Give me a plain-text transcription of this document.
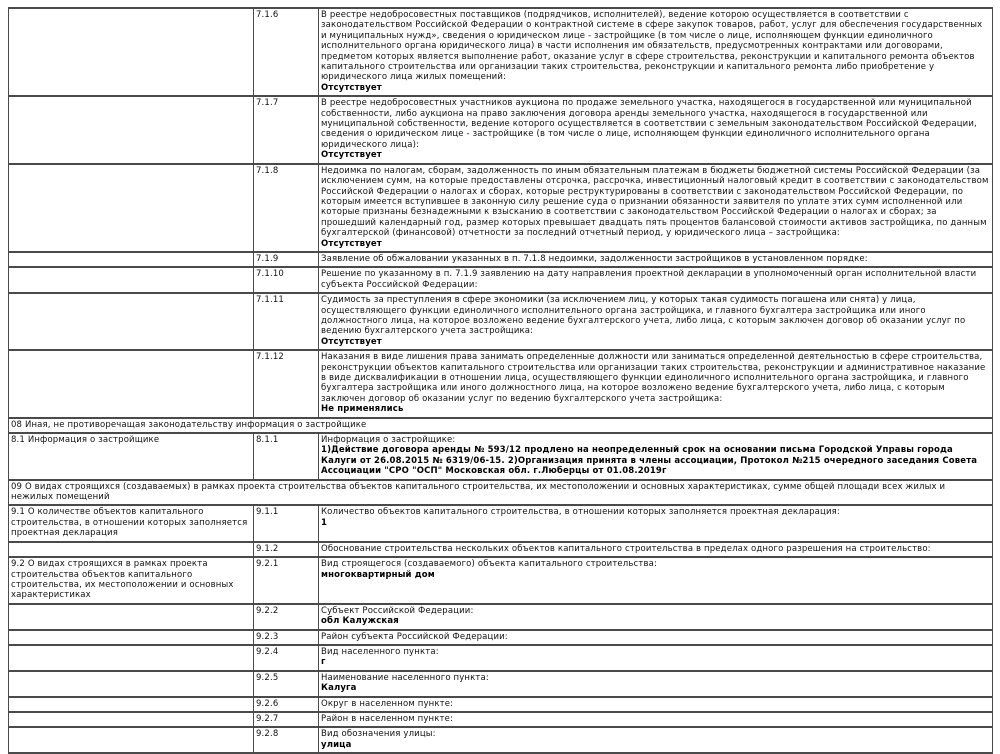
	7.1.6	В реестре недобросовестных поставщиков (подрядчиков, исполнителей), ведение которою осуществляется в соответствии с законодательством Российской Федерации о контрактной системе в сфере закупок товаров, работ, услуг для обеспечения государственных и муниципальных нужд», сведения о юридическом лице - застройщике (в том числе о лице, исполняющем функции единоличного исполнительного органа юридического лица) в части исполнения им обязательств, предусмотренных контрактами или договорами, предметом которых является выполнение работ, оказание услуг в сфере строительства, реконструкции и капитального ремонта объектов капитального строительства или организации таких строительства, реконструкции и капитального ремонта либо приобретение у юридического лица жилых помещений:
Отсутствует

	7.1.7	В реестре недобросовестных участников аукциона по продаже земельного участка, находящегося в государственной или муниципальной собственности, либо аукциона на право заключения договора аренды земельного участка, находящегося в государственной или муниципальной собственности, ведение которого осуществляется в соответствии с земельным законодательством Российской Федерации, сведения о юридическом лице - застройщике (в том числе о лице, исполняющем функции единоличного исполнительного органа юридического лица):
Отсутствует

	7.1.8	Недоимка по налогам, сборам, задолженность по иным обязательным платежам в бюджеты бюджетной системы Российской Федерации (за исключением сумм, на которые предоставлены отсрочка, рассрочка, инвестиционный налоговый кредит в соответствии с законодательством Российской Федерации о налогах и сборах, которые реструктурированы в соответствии с законодательством Российской Федерации, по которым имеется вступившее в законную силу решение суда о признании обязанности заявителя по уплате этих сумм исполненной или которые признаны безнадежными к взысканию в соответствии с законодательством Российской Федерации о налогах и сборах; за прошедший календарный год, размер которых превышает двадцать пять процентов балансовой стоимости активов застройщика, по данным бухгалтерской (финансовой) отчетности за последний отчетный период, у юридического лица – застройщика:
Отсутствует

	7.1.9	Заявление об обжаловании указанных в п. 7.1.8 недоимки, задолженности застройщиков в установленном порядке:

	7.1.10	Решение по указанному в п. 7.1.9 заявлению на дату направления проектной декларации в уполномоченный орган исполнительной власти субъекта Российской Федерации:

	7.1.11	Судимость за преступления в сфере экономики (за исключением лиц, у которых такая судимость погашена или снята) у лица, осуществляющего функции единоличного исполнительного органа застройщика, и главного бухгалтера застройщика или иного должностного лица, на которое возложено ведение бухгалтерского учета, либо лица, с которым заключен договор об оказании услуг по ведению бухгалтерского учета застройщика:
Отсутствует

	7.1.12	Наказания в виде лишения права занимать определенные должности или заниматься определенной деятельностью в сфере строительства, реконструкции объектов капитального строительства или организации таких строительства, реконструкции и административное наказание в виде дисквалификации в отношении лица, осуществляющего функции единоличного исполнительного органа застройщика, и главного бухгалтера застройщика или иного должностного лица, на которое возложено ведение бухгалтерского учета, либо лица, с которым заключен договор об оказании услуг по ведению бухгалтерского учета застройщика:
Не применялись

08 Иная, не противоречащая законодательству информация о застройщике		
8.1 Информация о застройщике	8.1.1	Информация о застройщике:
1)Действие договора аренды № 593/12 продлено на неопределенный срок на основании письма Городской Управы города Калуги от 26.08.2015 № 6319/06-15. 2)Организация принята в члены ассоциации, Протокол №215 очередного заседания Совета Ассоциации "СРО "ОСП" Московская обл. г.Люберцы от 01.08.2019г

09 О видах строящихся (создаваемых) в рамках проекта строительства объектов капитального строительства, их местоположении и основных характеристиках, сумме общей площади всех жилых и нежилых помещений		
9.1 О количестве объектов капитального строительства, в отношении которых заполняется проектная декларация	9.1.1	Количество объектов капитального строительства, в отношении которых заполняется проектная декларация:
1

	9.1.2	Обоснование строительства нескольких объектов капитального строительства в пределах одного разрешения на строительство:

9.2 О видах строящихся в рамках проекта строительства объектов капитального строительства, их местоположении и основных характеристиках	9.2.1	Вид строящегося (создаваемого) объекта капитального строительства:
многоквартирный дом

	9.2.2	Субъект Российской Федерации:
обл Калужская

	9.2.3	Район субъекта Российской Федерации:

	9.2.4	Вид населенного пункта:
г

	9.2.5	Наименование населенного пункта:
Калуга

	9.2.6	Округ в населенном пункте:

	9.2.7	Район в населенном пункте:

	9.2.8	Вид обозначения улицы:
улица
